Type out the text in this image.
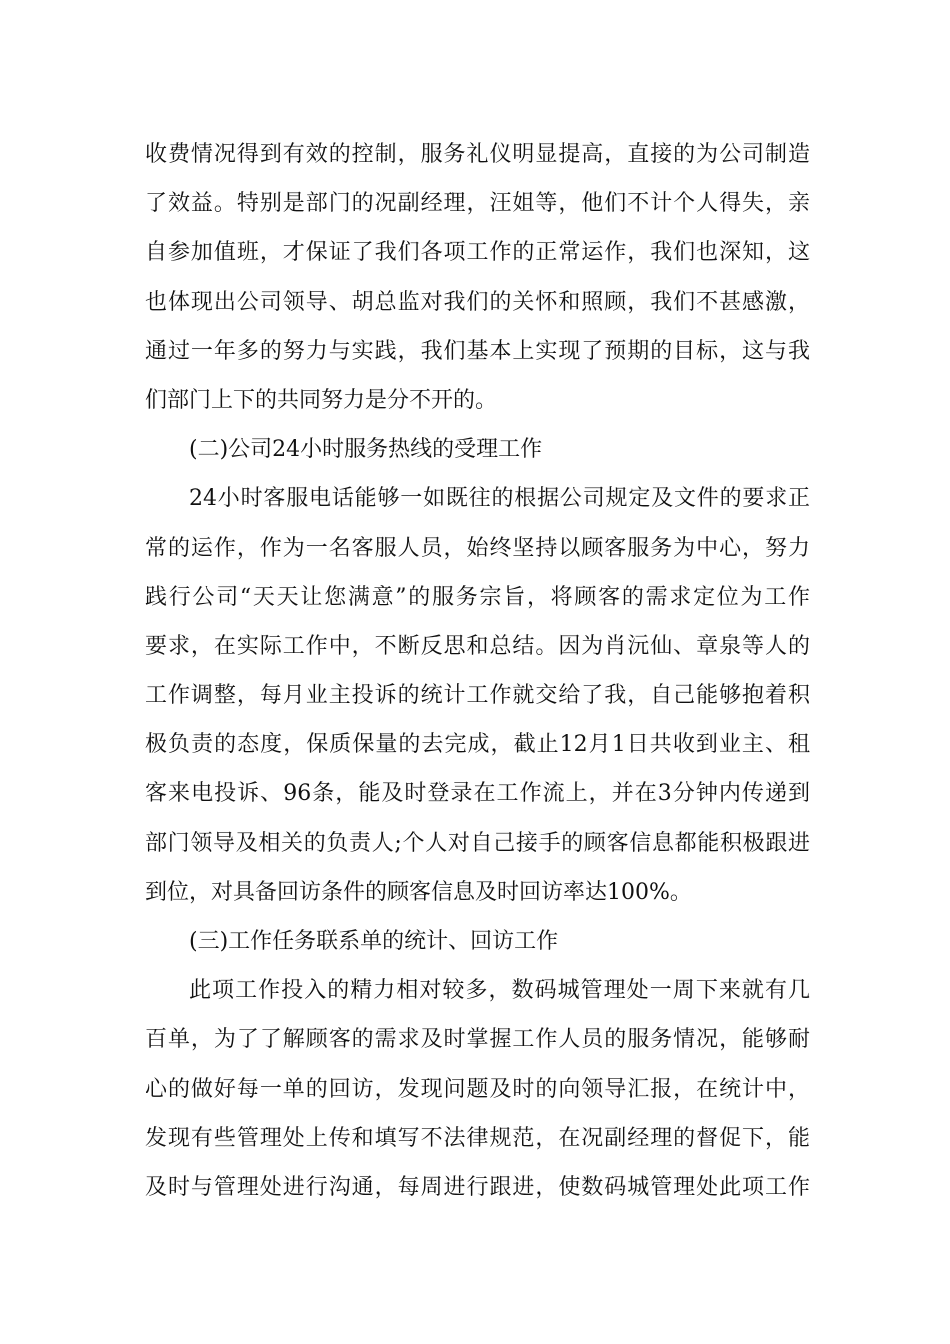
收费情况得到有效的控制，服务礼仪明显提高，直接的为公司制造
了效益。特别是部门的况副经理，汪姐等，他们不计个人得失，亲
自参加值班，才保证了我们各项工作的正常运作，我们也深知，这
也体现出公司领导、胡总监对我们的关怀和照顾，我们不甚感激，
通过一年多的努力与实践，我们基本上实现了预期的目标，这与我
们部门上下的共同努力是分不开的。
(二)公司24小时服务热线的受理工作
24小时客服电话能够一如既往的根据公司规定及文件的要求正
常的运作，作为一名客服人员，始终坚持以顾客服务为中心，努力
践行公司“天天让您满意”的服务宗旨，将顾客的需求定位为工作
要求，在实际工作中，不断反思和总结。因为肖沅仙、章泉等人的
工作调整，每月业主投诉的统计工作就交给了我，自己能够抱着积
极负责的态度，保质保量的去完成，截止12月1日共收到业主、租
客来电投诉、96条，能及时登录在工作流上，并在3分钟内传递到
部门领导及相关的负责人;个人对自己接手的顾客信息都能积极跟进
到位，对具备回访条件的顾客信息及时回访率达100%。
(三)工作任务联系单的统计、回访工作
此项工作投入的精力相对较多，数码城管理处一周下来就有几
百单，为了了解顾客的需求及时掌握工作人员的服务情况，能够耐
心的做好每一单的回访，发现问题及时的向领导汇报，在统计中，
发现有些管理处上传和填写不法律规范，在况副经理的督促下，能
及时与管理处进行沟通，每周进行跟进，使数码城管理处此项工作
